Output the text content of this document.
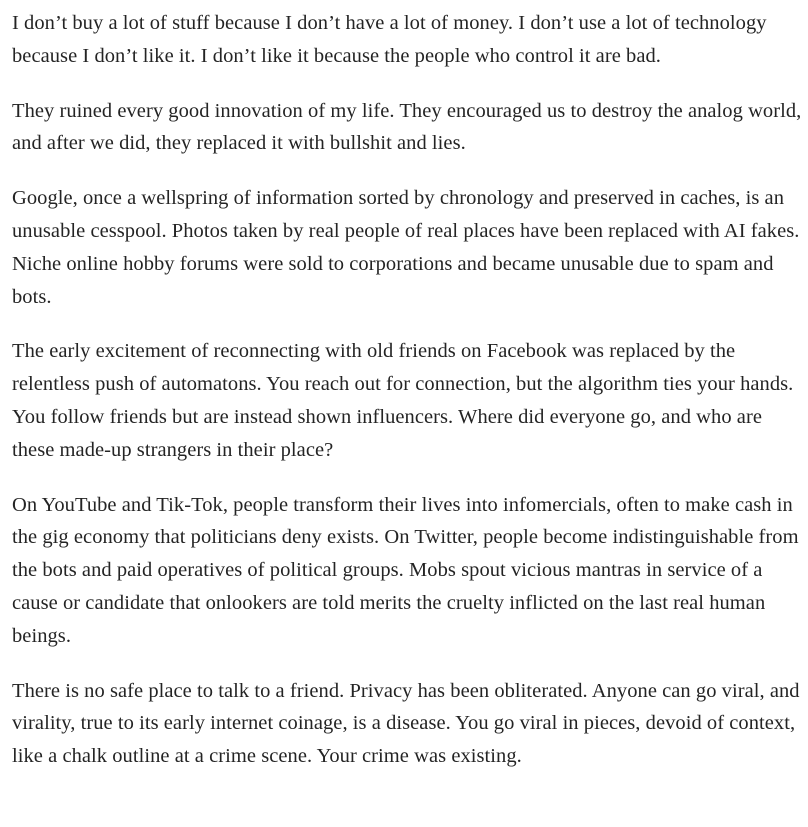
I don’t buy a lot of stuff because I don’t have a lot of money. I don’t use a lot of technology because I don’t like it. I don’t like it because the people who control it are bad.

They ruined every good innovation of my life. They encouraged us to destroy the analog world, and after we did, they replaced it with bullshit and lies.

Google, once a wellspring of information sorted by chronology and preserved in caches, is an unusable cesspool. Photos taken by real people of real places have been replaced with AI fakes. Niche online hobby forums were sold to corporations and became unusable due to spam and bots.

The early excitement of reconnecting with old friends on Facebook was replaced by the relentless push of automatons. You reach out for connection, but the algorithm ties your hands. You follow friends but are instead shown influencers. Where did everyone go, and who are these made-up strangers in their place?

On YouTube and Tik-Tok, people transform their lives into infomercials, often to make cash in the gig economy that politicians deny exists. On Twitter, people become indistinguishable from the bots and paid operatives of political groups. Mobs spout vicious mantras in service of a cause or candidate that onlookers are told merits the cruelty inflicted on the last real human beings.

There is no safe place to talk to a friend. Privacy has been obliterated. Anyone can go viral, and virality, true to its early internet coinage, is a disease. You go viral in pieces, devoid of context, like a chalk outline at a crime scene. Your crime was existing.
